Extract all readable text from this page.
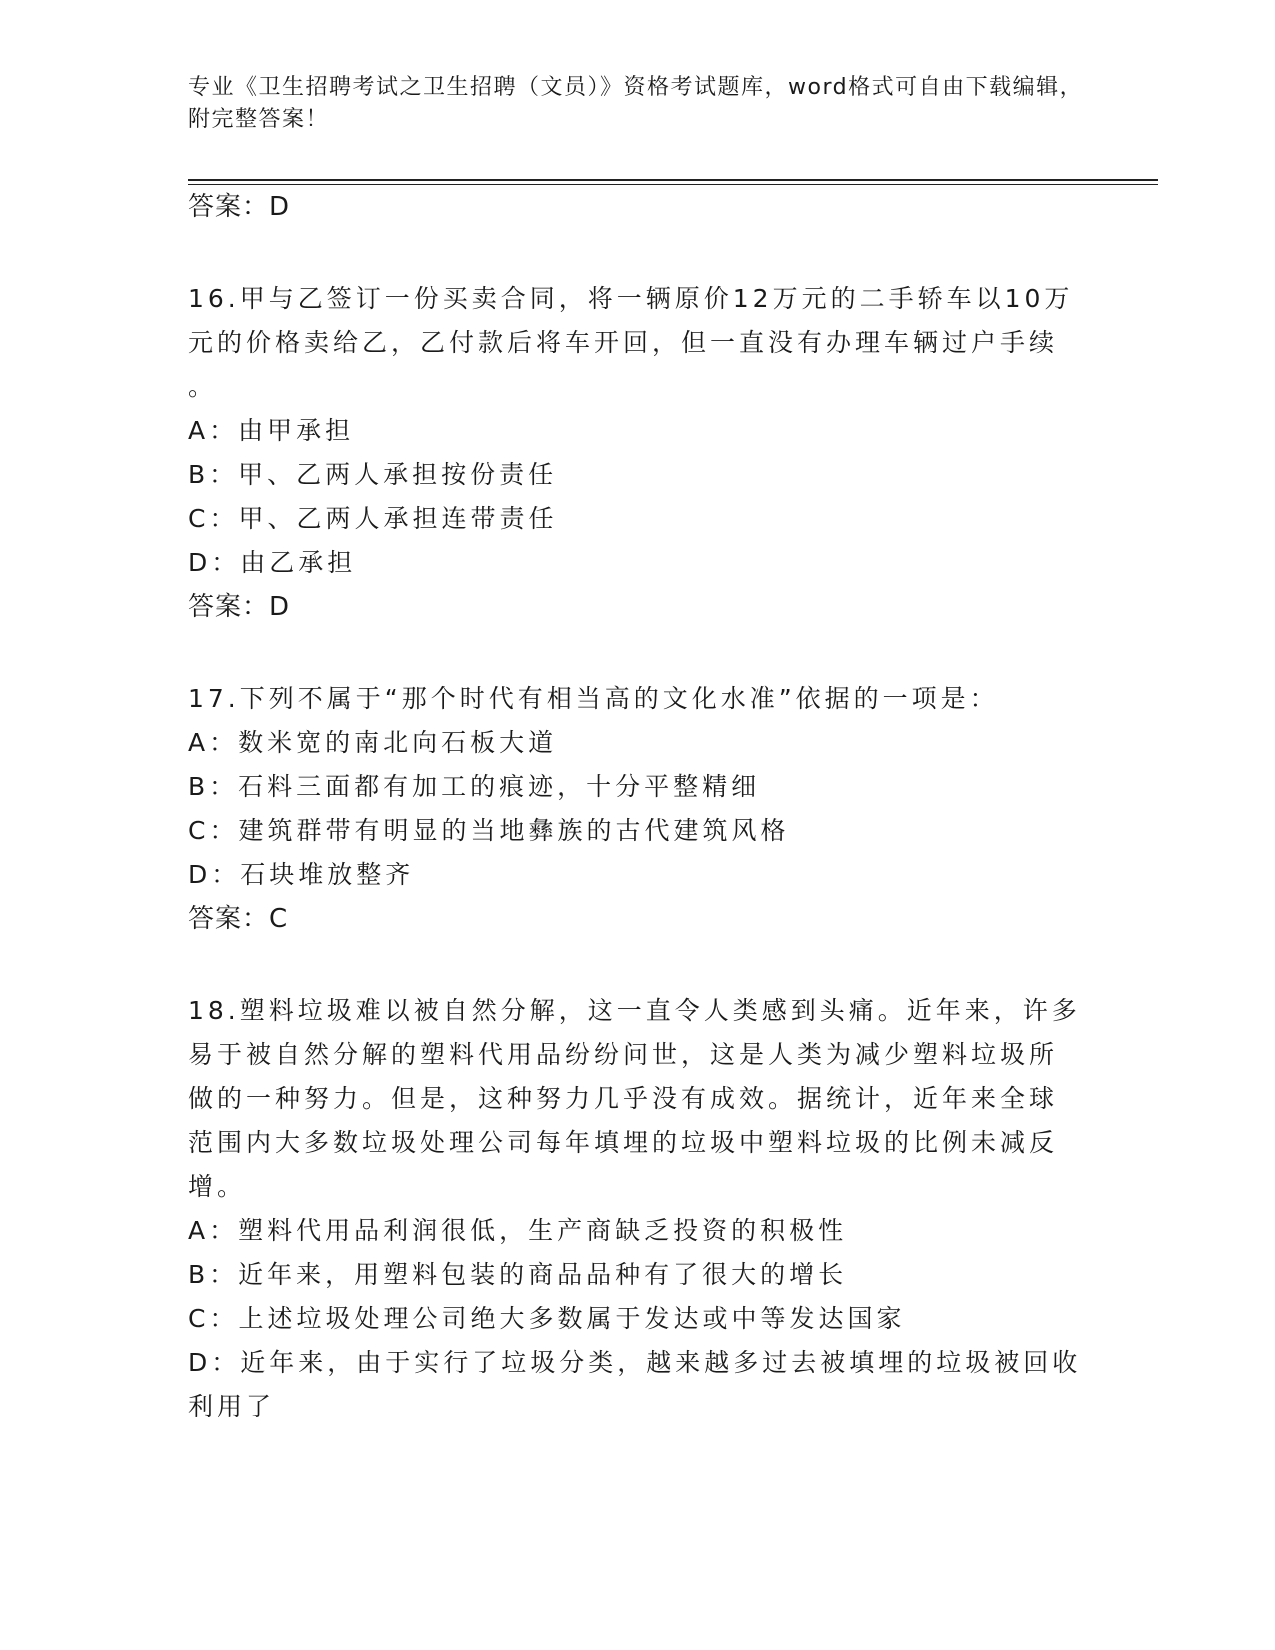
专业《卫生招聘考试之卫生招聘（文员）》资格考试题库，word格式可自由下载编辑，附完整答案！

答案：D

16.甲与乙签订一份买卖合同，将一辆原价12万元的二手轿车以10万

元的价格卖给乙，乙付款后将车开回，但一直没有办理车辆过户手续

。

A：由甲承担

B：甲、乙两人承担按份责任

C：甲、乙两人承担连带责任

D：由乙承担

答案：D

17.下列不属于“那个时代有相当高的文化水准”依据的一项是：

A：数米宽的南北向石板大道

B：石料三面都有加工的痕迹，十分平整精细

C：建筑群带有明显的当地彝族的古代建筑风格

D：石块堆放整齐

答案：C

18.塑料垃圾难以被自然分解，这一直令人类感到头痛。近年来，许多

易于被自然分解的塑料代用品纷纷问世，这是人类为减少塑料垃圾所

做的一种努力。但是，这种努力几乎没有成效。据统计，近年来全球

范围内大多数垃圾处理公司每年填埋的垃圾中塑料垃圾的比例未减反

增。

A：塑料代用品利润很低，生产商缺乏投资的积极性

B：近年来，用塑料包装的商品品种有了很大的增长

C：上述垃圾处理公司绝大多数属于发达或中等发达国家

D：近年来，由于实行了垃圾分类，越来越多过去被填埋的垃圾被回收

利用了
